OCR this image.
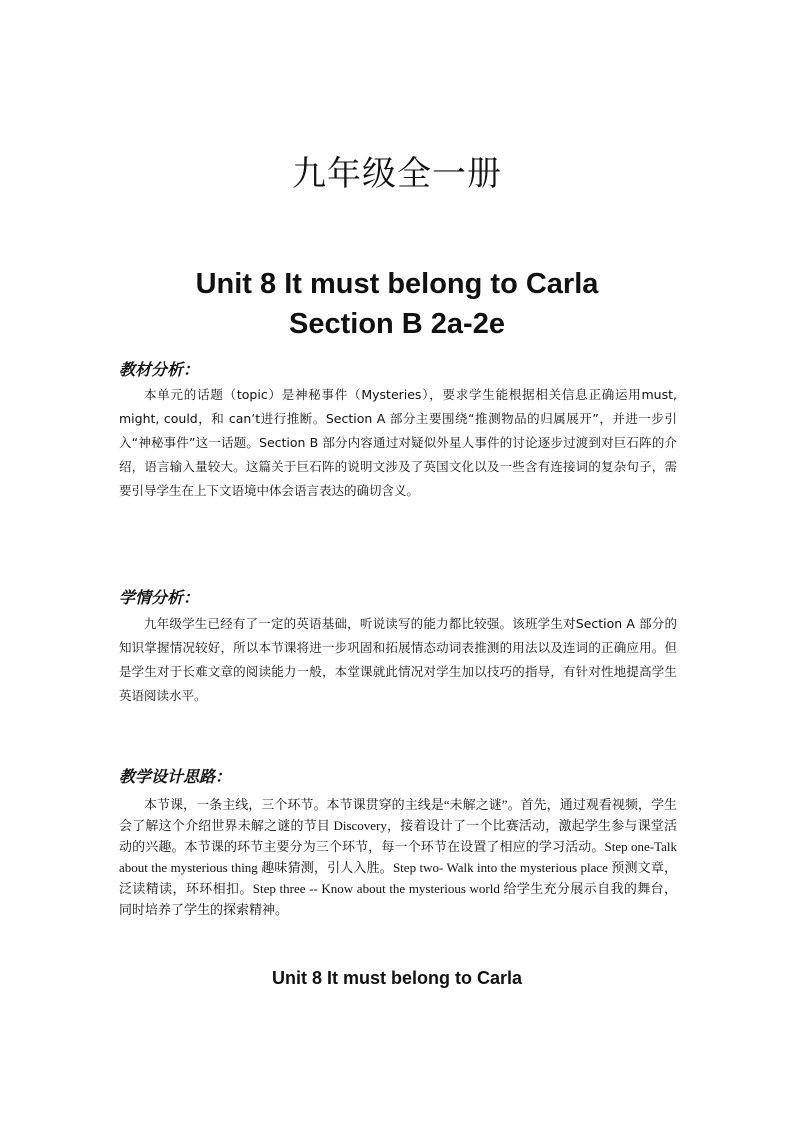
九年级全一册
Unit 8 It must belong to Carla
Section B 2a-2e
教材分析：

本单元的话题（topic）是神秘事件（Mysteries），要求学生能根据相关信息正确运用must, might, could，和 can’t进行推断。Section A 部分主要围绕“推测物品的归属展开”，并进一步引入“神秘事件”这一话题。Section B 部分内容通过对疑似外星人事件的讨论逐步过渡到对巨石阵的介绍，语言输入量较大。这篇关于巨石阵的说明文涉及了英国文化以及一些含有连接词的复杂句子，需要引导学生在上下文语境中体会语言表达的确切含义。

学情分析：

九年级学生已经有了一定的英语基础，听说读写的能力都比较强。该班学生对Section A 部分的知识掌握情况较好，所以本节课将进一步巩固和拓展情态动词表推测的用法以及连词的正确应用。但是学生对于长难文章的阅读能力一般，本堂课就此情况对学生加以技巧的指导，有针对性地提高学生英语阅读水平。

教学设计思路：

本节课，一条主线，三个环节。本节课贯穿的主线是“未解之谜”。首先，通过观看视频，学生会了解这个介绍世界未解之谜的节目 Discovery，接着设计了一个比赛活动，激起学生参与课堂活动的兴趣。本节课的环节主要分为三个环节，每一个环节在设置了相应的学习活动。Step one-Talk about the mysterious thing 趣味猜测，引人入胜。Step two- Walk into the mysterious place 预测文章，泛读精读，环环相扣。Step three -- Know about the mysterious world 给学生充分展示自我的舞台，同时培养了学生的探索精神。

Unit 8 It must belong to Carla
